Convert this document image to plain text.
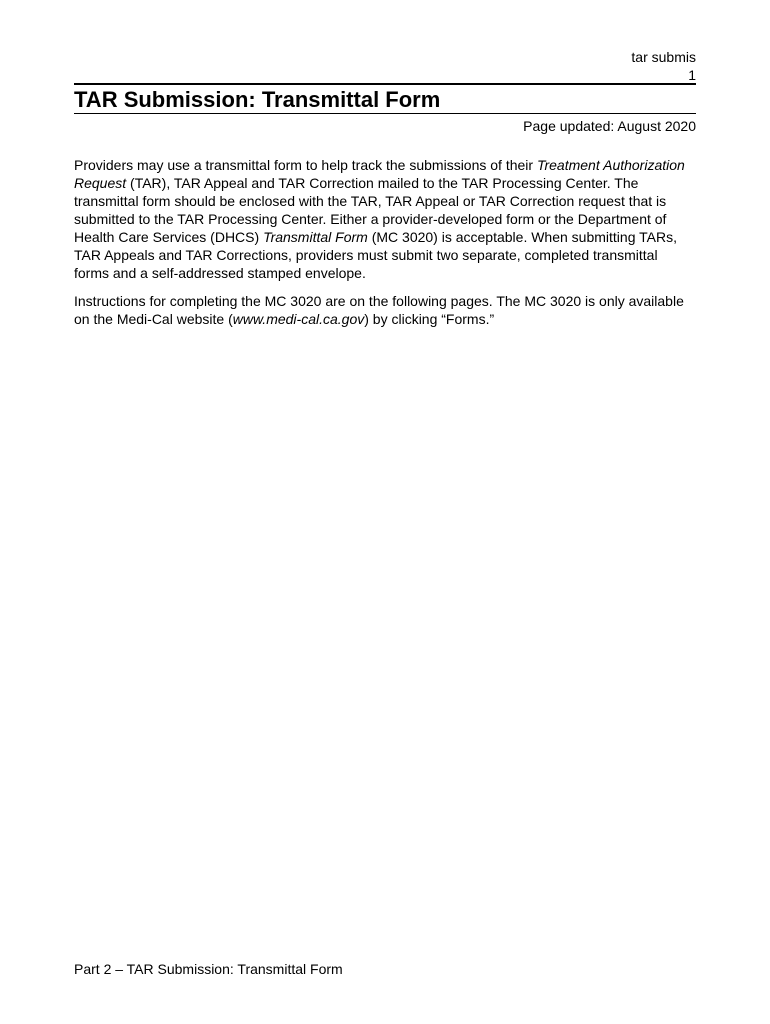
tar submis
1
TAR Submission: Transmittal Form
Page updated: August 2020

Providers may use a transmittal form to help track the submissions of their Treatment Authorization Request (TAR), TAR Appeal and TAR Correction mailed to the TAR Processing Center. The transmittal form should be enclosed with the TAR, TAR Appeal or TAR Correction request that is submitted to the TAR Processing Center. Either a provider-developed form or the Department of Health Care Services (DHCS) Transmittal Form (MC 3020) is acceptable. When submitting TARs, TAR Appeals and TAR Corrections, providers must submit two separate, completed transmittal forms and a self-addressed stamped envelope.

Instructions for completing the MC 3020 are on the following pages. The MC 3020 is only available on the Medi-Cal website (www.medi-cal.ca.gov) by clicking “Forms.”

Part 2 – TAR Submission: Transmittal Form
